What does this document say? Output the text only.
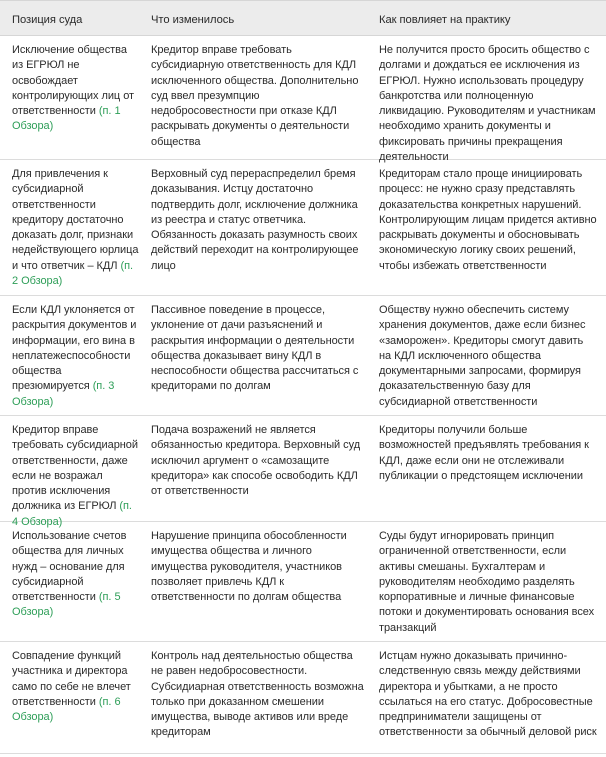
Позиция суда	Что изменилось	Как повлияет на практику
Исключение общества из ЕГРЮЛ не освобождает контролирующих лиц от ответственности (п. 1 Обзора)
Кредитор вправе требовать субсидиарную ответственность для КДЛ исключенного общества. Дополнительно суд ввел презумпцию недобросовестности при отказе КДЛ раскрывать документы о деятельности общества
Не получится просто бросить общество с долгами и дождаться ее исключения из ЕГРЮЛ. Нужно использовать процедуру банкротства или полноценную ликвидацию. Руководителям и участникам необходимо хранить документы и фиксировать причины прекращения деятельности
Для привлечения к субсидиарной ответственности кредитору достаточно доказать долг, признаки недействующего юрлица и что ответчик – КДЛ (п. 2 Обзора)
Верховный суд перераспределил бремя доказывания. Истцу достаточно подтвердить долг, исключение должника из реестра и статус ответчика. Обязанность доказать разумность своих действий переходит на контролирующее лицо
Кредиторам стало проще инициировать процесс: не нужно сразу представлять доказательства конкретных нарушений. Контролирующим лицам придется активно раскрывать документы и обосновывать экономическую логику своих решений, чтобы избежать ответственности
Если КДЛ уклоняется от раскрытия документов и информации, его вина в неплатежеспособности общества презюмируется (п. 3 Обзора)
Пассивное поведение в процессе, уклонение от дачи разъяснений и раскрытия информации о деятельности общества доказывает вину КДЛ в неспособности общества рассчитаться с кредиторами по долгам
Обществу нужно обеспечить систему хранения документов, даже если бизнес «заморожен». Кредиторы смогут давить на КДЛ исключенного общества документарными запросами, формируя доказательственную базу для субсидиарной ответственности
Кредитор вправе требовать субсидиарной ответственности, даже если не возражал против исключения должника из ЕГРЮЛ (п. 4 Обзора)
Подача возражений не является обязанностью кредитора. Верховный суд исключил аргумент о «самозащите кредитора» как способе освободить КДЛ от ответственности
Кредиторы получили больше возможностей предъявлять требования к КДЛ, даже если они не отслеживали публикации о предстоящем исключении
Использование счетов общества для личных нужд – основание для субсидиарной ответственности (п. 5 Обзора)
Нарушение принципа обособленности имущества общества и личного имущества руководителя, участников позволяет привлечь КДЛ к ответственности по долгам общества
Суды будут игнорировать принцип ограниченной ответственности, если активы смешаны. Бухгалтерам и руководителям необходимо разделять корпоративные и личные финансовые потоки и документировать основания всех транзакций
Совпадение функций участника и директора само по себе не влечет ответственности (п. 6 Обзора)
Контроль над деятельностью общества не равен недобросовестности. Субсидиарная ответственность возможна только при доказанном смешении имущества, выводе активов или вреде кредиторам
Истцам нужно доказывать причинно-следственную связь между действиями директора и убытками, а не просто ссылаться на его статус. Добросовестные предприниматели защищены от ответственности за обычный деловой риск
